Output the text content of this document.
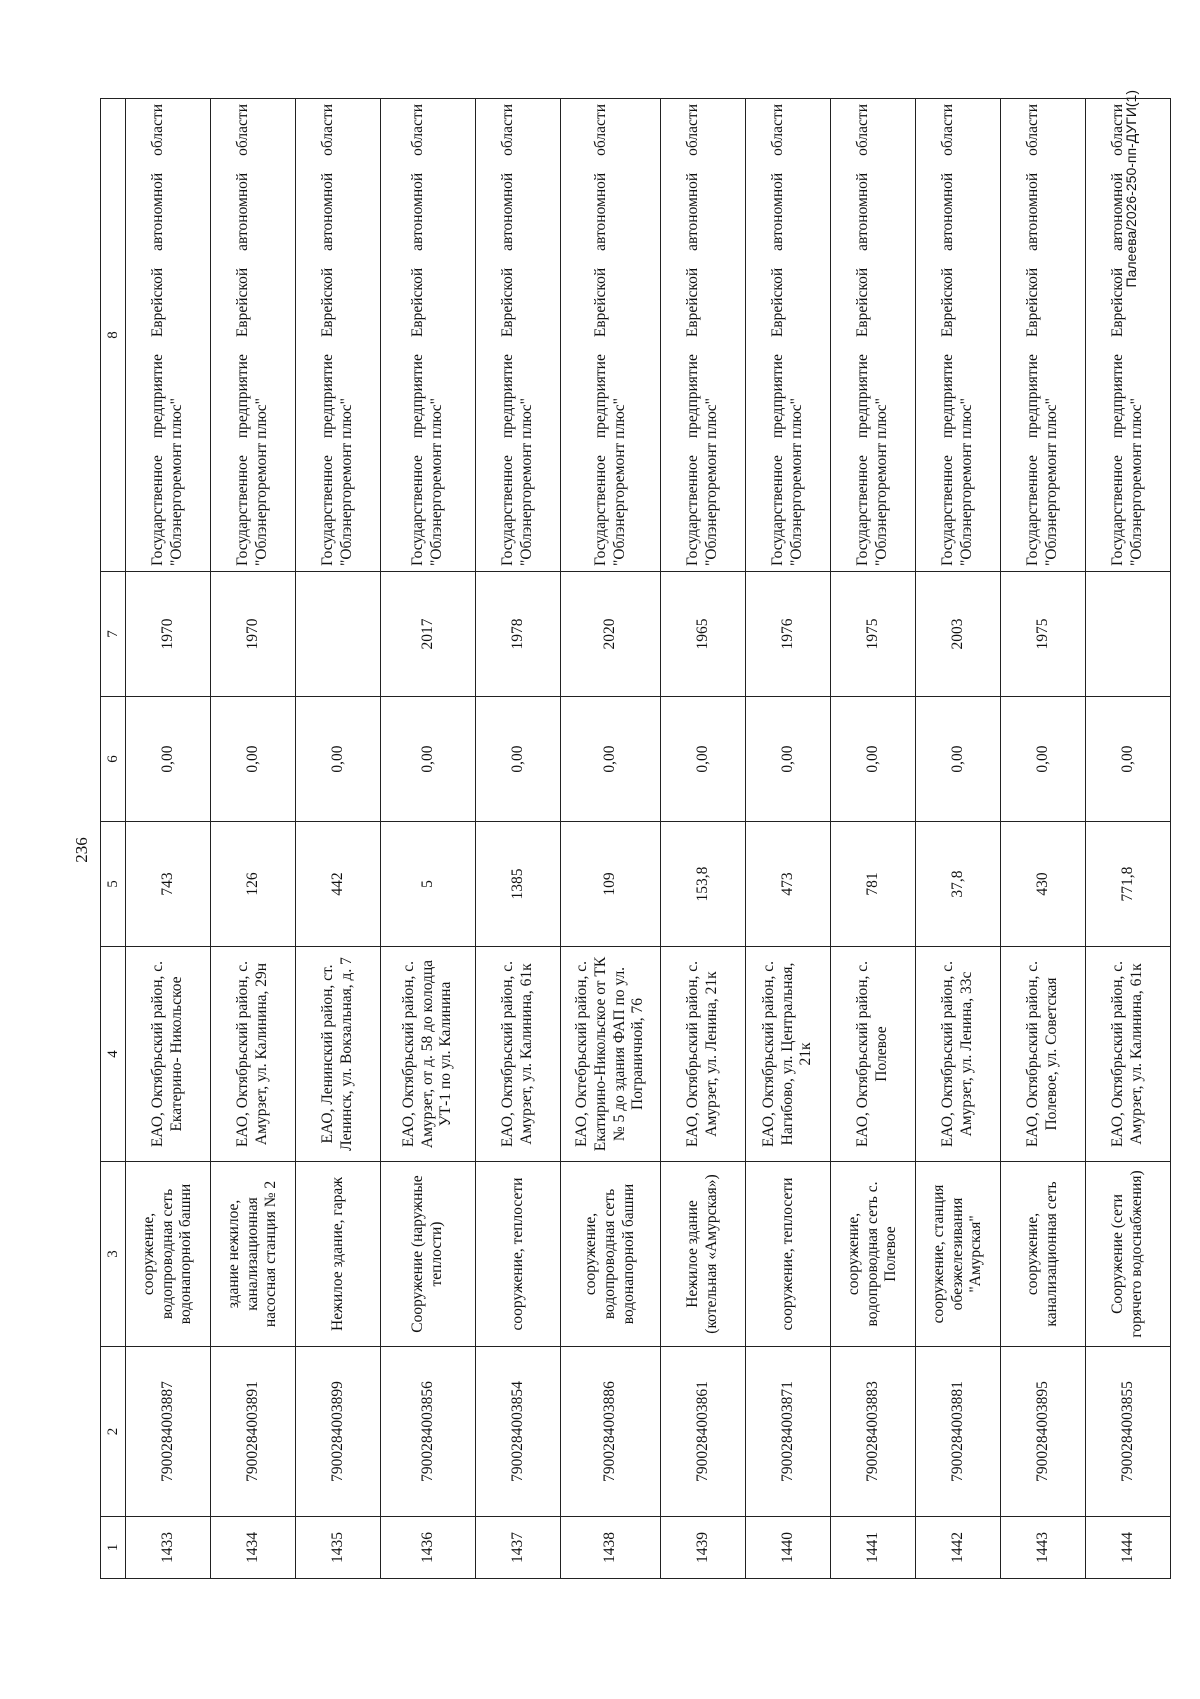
236
Палеева/2026-250-пп-ДУГИ(1)
1	2	3	4	5	6	7	8
1433	7900284003887	сооружение, водопроводная сеть водонапорной башни	ЕАО, Октябрьский район, с. Екатерино- Никольское	743	0,00	1970	Государственное предприятие Еврейской автономной области "Облэнергоремонт плюс"
1434	7900284003891	здание нежилое, канализационная насосная станция № 2	ЕАО, Октябрьский район, с. Амурзет, ул. Калинина, 29н	126	0,00	1970	Государственное предприятие Еврейской автономной области "Облэнергоремонт плюс"
1435	7900284003899	Нежилое здание, гараж	ЕАО, Ленинский район, ст. Ленинск, ул. Вокзальная, д. 7	442	0,00		Государственное предприятие Еврейской автономной области "Облэнергоремонт плюс"
1436	7900284003856	Сооружение (наружные теплости)	ЕАО, Октябрьский район, с. Амурзет, от д. 58 до колодца УТ-1 по ул. Калинина	5	0,00	2017	Государственное предприятие Еврейской автономной области "Облэнергоремонт плюс"
1437	7900284003854	сооружение, теплосети	ЕАО, Октябрьский район, с. Амурзет, ул. Калинина, 61к	1385	0,00	1978	Государственное предприятие Еврейской автономной области "Облэнергоремонт плюс"
1438	7900284003886	сооружение, водопроводная сеть водонапорной башни	ЕАО, Октебрьский район, с. Екатирино-Никольское от ТК № 5 до здания ФАП по ул. Пограничной, 76	109	0,00	2020	Государственное предприятие Еврейской автономной области "Облэнергоремонт плюс"
1439	7900284003861	Нежилое здание (котельная «Амурская»)	ЕАО, Октябрьский район, с. Амурзет, ул. Ленина, 21к	153,8	0,00	1965	Государственное предприятие Еврейской автономной области "Облэнергоремонт плюс"
1440	7900284003871	сооружение, теплосети	ЕАО, Октябрьский район, с. Нагибово, ул. Центральная, 21к	473	0,00	1976	Государственное предприятие Еврейской автономной области "Облэнергоремонт плюс"
1441	7900284003883	сооружение, водопроводная сеть с. Полевое	ЕАО, Октябрьский район, с. Полевое	781	0,00	1975	Государственное предприятие Еврейской автономной области "Облэнергоремонт плюс"
1442	7900284003881	сооружение, станция обезжелезивания "Амурская"	ЕАО, Октябрьский район, с. Амурзет, ул. Ленина, 33с	37,8	0,00	2003	Государственное предприятие Еврейской автономной области "Облэнергоремонт плюс"
1443	7900284003895	сооружение, канализационная сеть	ЕАО, Октябрьский район, с. Полевое, ул. Советская	430	0,00	1975	Государственное предприятие Еврейской автономной области "Облэнергоремонт плюс"
1444	7900284003855	Сооружение (сети горячего водоснабжения)	ЕАО, Октябрьский район, с. Амурзет, ул. Калинина, 61к	771,8	0,00		Государственное предприятие Еврейской автономной области "Облэнергоремонт плюс"
